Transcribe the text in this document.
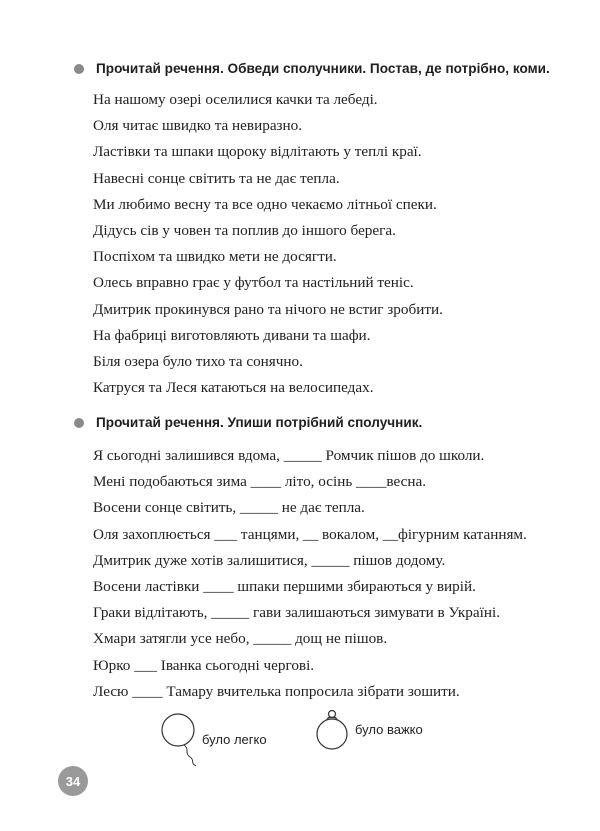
Прочитай речення. Обведи сполучники. Постав, де потрібно, коми.
На нашому озері оселилися качки та лебеді.
Оля читає швидко та невиразно.
Ластівки та шпаки щороку відлітають у теплі краї.
Навесні сонце світить та не дає тепла.
Ми любимо весну та все одно чекаємо літньої спеки.
Дідусь сів у човен та поплив до іншого берега.
Поспіхом та швидко мети не досягти.
Олесь вправно грає у футбол та настільний теніс.
Дмитрик прокинувся рано та нічого не встиг зробити.
На фабриці виготовляють дивани та шафи.
Біля озера було тихо та сонячно.
Катруся та Леся катаються на велосипедах.
Прочитай речення. Упиши потрібний сполучник.
Я сьогодні залишився вдома, _____ Ромчик пішов до школи.
Мені подобаються зима ____ літо, осінь ____весна.
Восени сонце світить, _____ не дає тепла.
Оля захоплюється ___ танцями, __ вокалом, __фігурним катанням.
Дмитрик дуже хотів залишитися, _____ пішов додому.
Восени ластівки ____ шпаки першими збираються у вирій.
Граки відлітають, _____ гави залишаються зимувати в Україні.
Хмари затягли усе небо, _____ дощ не пішов.
Юрко ___ Іванка сьогодні чергові.
Лесю ____ Тамару вчителька попросила зібрати зошити.
було легко
було важко
34
